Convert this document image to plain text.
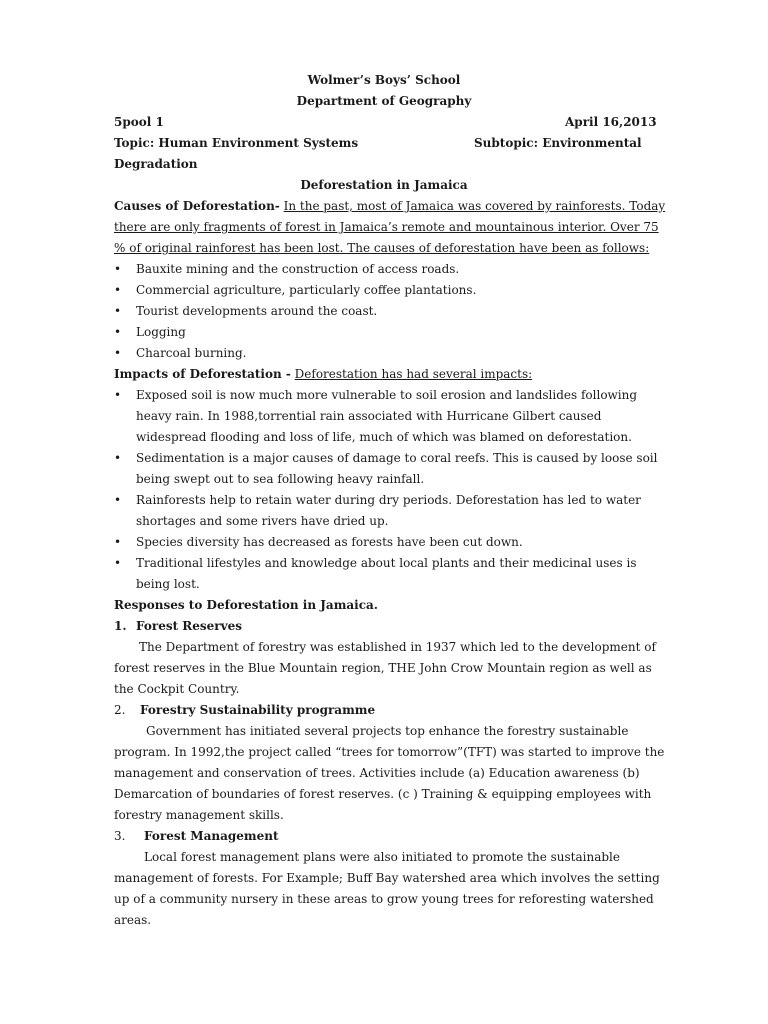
Wolmer’s Boys’ School
Department of Geography
5pool 1	April 16,2013
Topic: Human Environment Systems	Subtopic: Environmental
Degradation
Deforestation in Jamaica
Causes of Deforestation- In the past, most of Jamaica was covered by rainforests. Today
there are only fragments of forest in Jamaica’s remote and mountainous interior. Over 75
% of original rainforest has been lost. The causes of deforestation have been as follows:
• Bauxite mining and the construction of access roads.
• Commercial agriculture, particularly coffee plantations.
• Tourist developments around the coast.
• Logging
• Charcoal burning.
Impacts of Deforestation - Deforestation has had several impacts:
• Exposed soil is now much more vulnerable to soil erosion and landslides following
heavy rain. In 1988,torrential rain associated with Hurricane Gilbert caused
widespread flooding and loss of life, much of which was blamed on deforestation.
• Sedimentation is a major causes of damage to coral reefs. This is caused by loose soil
being swept out to sea following heavy rainfall.
• Rainforests help to retain water during dry periods. Deforestation has led to water
shortages and some rivers have dried up.
• Species diversity has decreased as forests have been cut down.
• Traditional lifestyles and knowledge about local plants and their medicinal uses is
being lost.
Responses to Deforestation in Jamaica.
1. Forest Reserves
The Department of forestry was established in 1937 which led to the development of
forest reserves in the Blue Mountain region, THE John Crow Mountain region as well as
the Cockpit Country.
2. Forestry Sustainability programme
Government has initiated several projects top enhance the forestry sustainable
program. In 1992,the project called “trees for tomorrow”(TFT) was started to improve the
management and conservation of trees. Activities include (a) Education awareness (b)
Demarcation of boundaries of forest reserves. (c ) Training & equipping employees with
forestry management skills.
3. Forest Management
Local forest management plans were also initiated to promote the sustainable
management of forests. For Example; Buff Bay watershed area which involves the setting
up of a community nursery in these areas to grow young trees for reforesting watershed
areas.
